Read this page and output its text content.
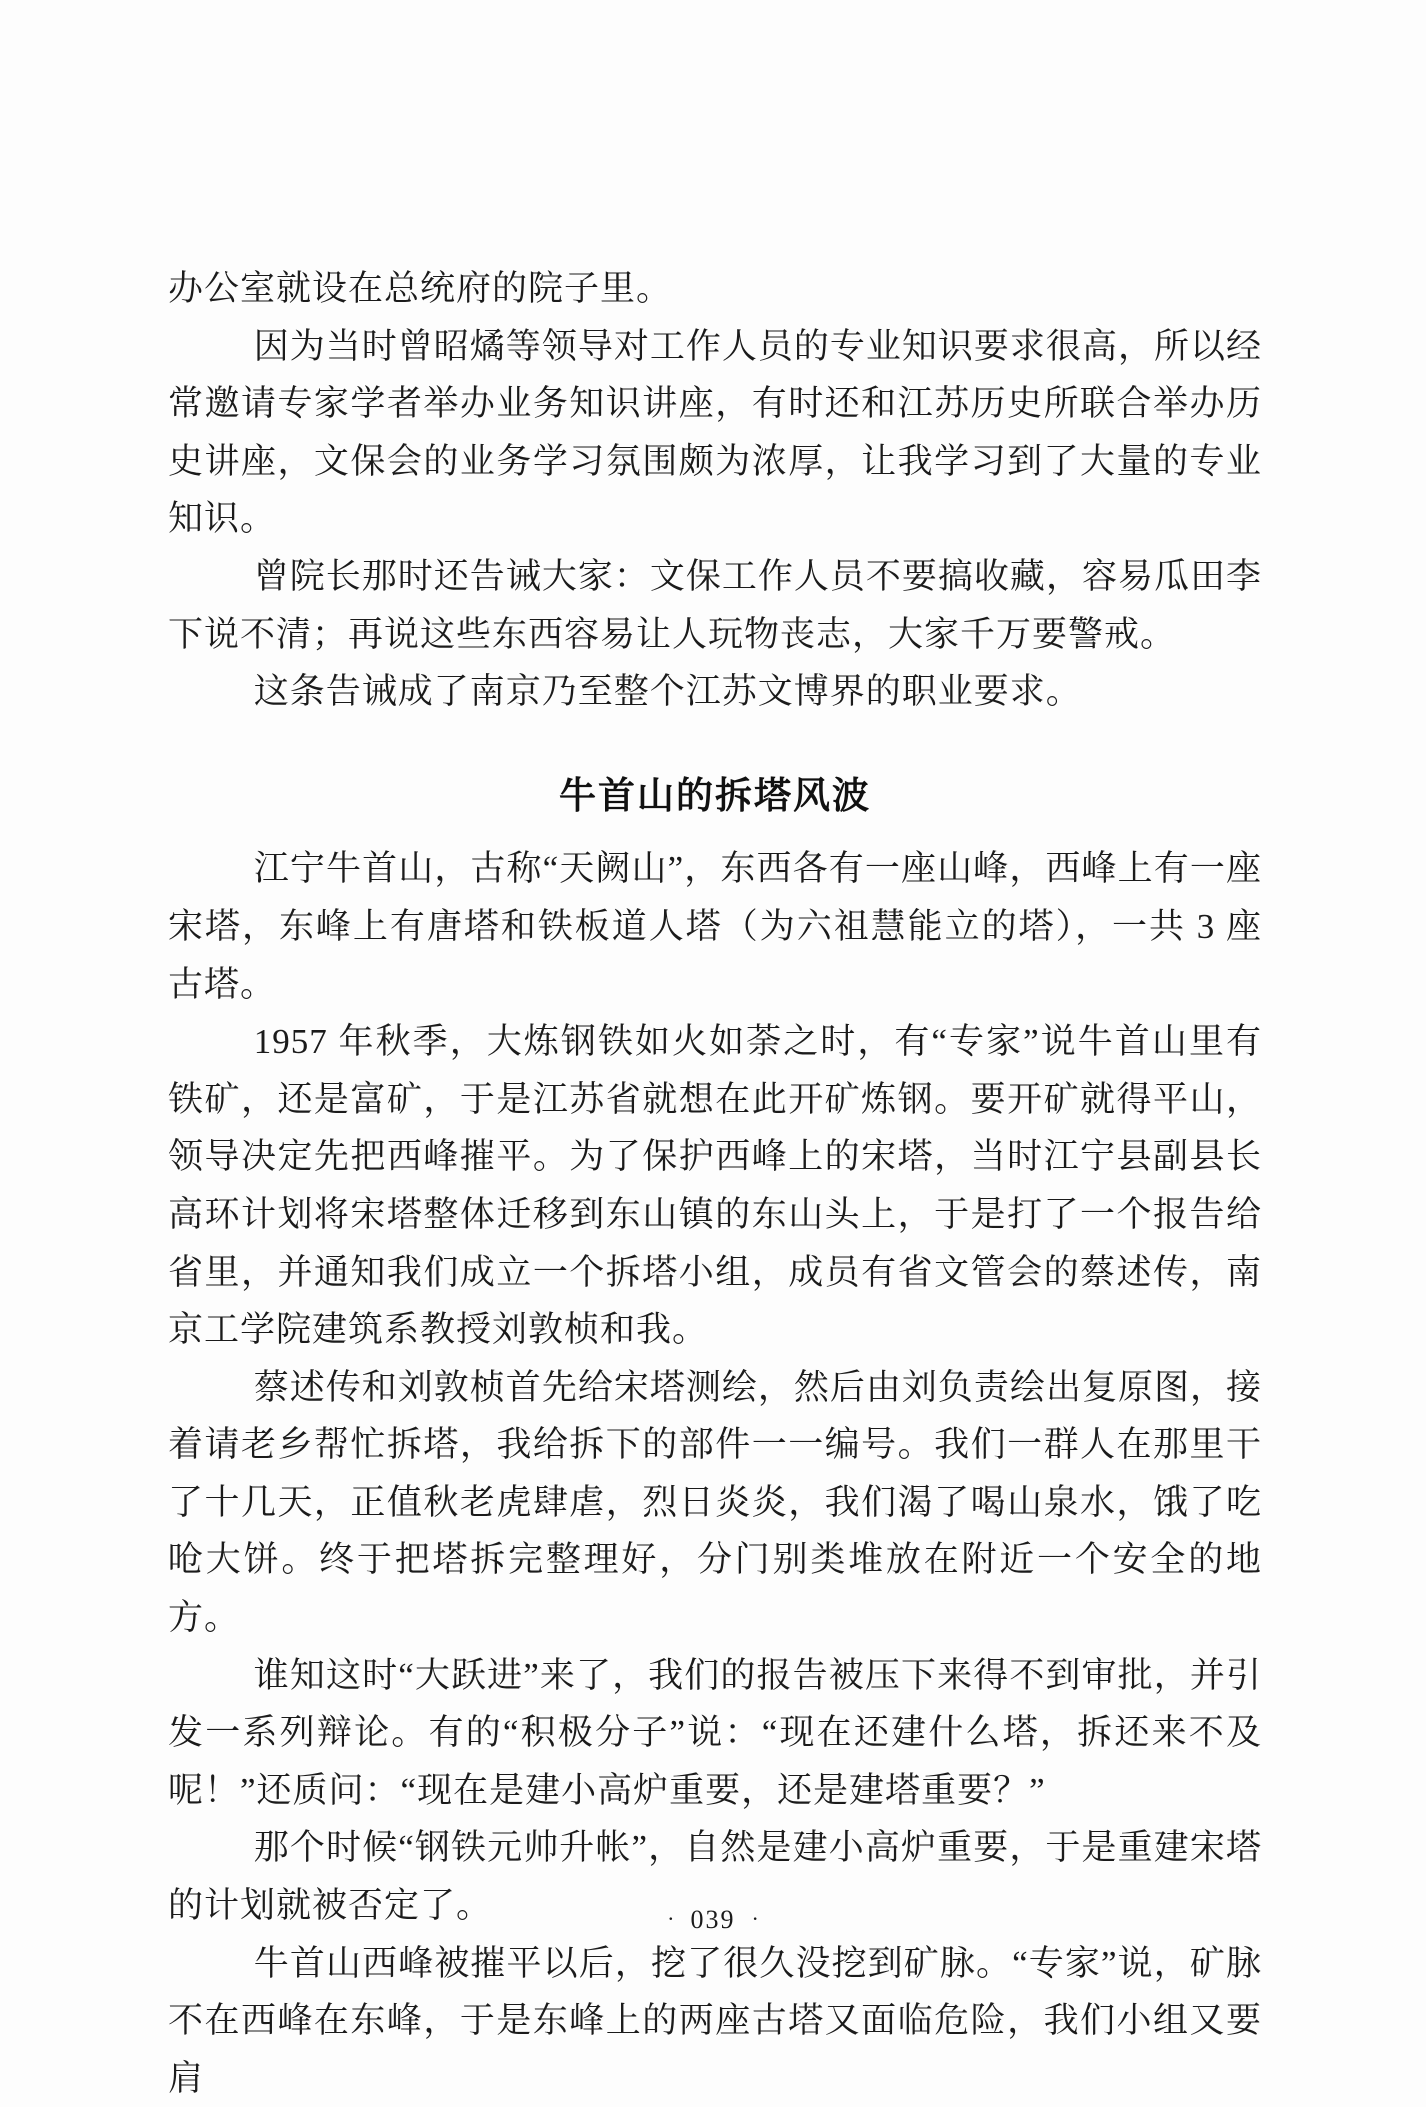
办公室就设在总统府的院子里。

因为当时曾昭燏等领导对工作人员的专业知识要求很高，所以经常邀请专家学者举办业务知识讲座，有时还和江苏历史所联合举办历史讲座，文保会的业务学习氛围颇为浓厚，让我学习到了大量的专业知识。

曾院长那时还告诫大家：文保工作人员不要搞收藏，容易瓜田李下说不清；再说这些东西容易让人玩物丧志，大家千万要警戒。

这条告诫成了南京乃至整个江苏文博界的职业要求。

牛首山的拆塔风波

江宁牛首山，古称“天阙山”，东西各有一座山峰，西峰上有一座宋塔，东峰上有唐塔和铁板道人塔（为六祖慧能立的塔），一共 3 座古塔。

1957 年秋季，大炼钢铁如火如荼之时，有“专家”说牛首山里有铁矿，还是富矿，于是江苏省就想在此开矿炼钢。要开矿就得平山，领导决定先把西峰摧平。为了保护西峰上的宋塔，当时江宁县副县长高环计划将宋塔整体迁移到东山镇的东山头上，于是打了一个报告给省里，并通知我们成立一个拆塔小组，成员有省文管会的蔡述传，南京工学院建筑系教授刘敦桢和我。

蔡述传和刘敦桢首先给宋塔测绘，然后由刘负责绘出复原图，接着请老乡帮忙拆塔，我给拆下的部件一一编号。我们一群人在那里干了十几天，正值秋老虎肆虐，烈日炎炎，我们渴了喝山泉水，饿了吃呛大饼。终于把塔拆完整理好，分门别类堆放在附近一个安全的地方。

谁知这时“大跃进”来了，我们的报告被压下来得不到审批，并引发一系列辩论。有的“积极分子”说：“现在还建什么塔，拆还来不及呢！”还质问：“现在是建小高炉重要，还是建塔重要？”

那个时候“钢铁元帅升帐”，自然是建小高炉重要，于是重建宋塔的计划就被否定了。

牛首山西峰被摧平以后，挖了很久没挖到矿脉。“专家”说，矿脉不在西峰在东峰，于是东峰上的两座古塔又面临危险，我们小组又要肩

· 039 ·
